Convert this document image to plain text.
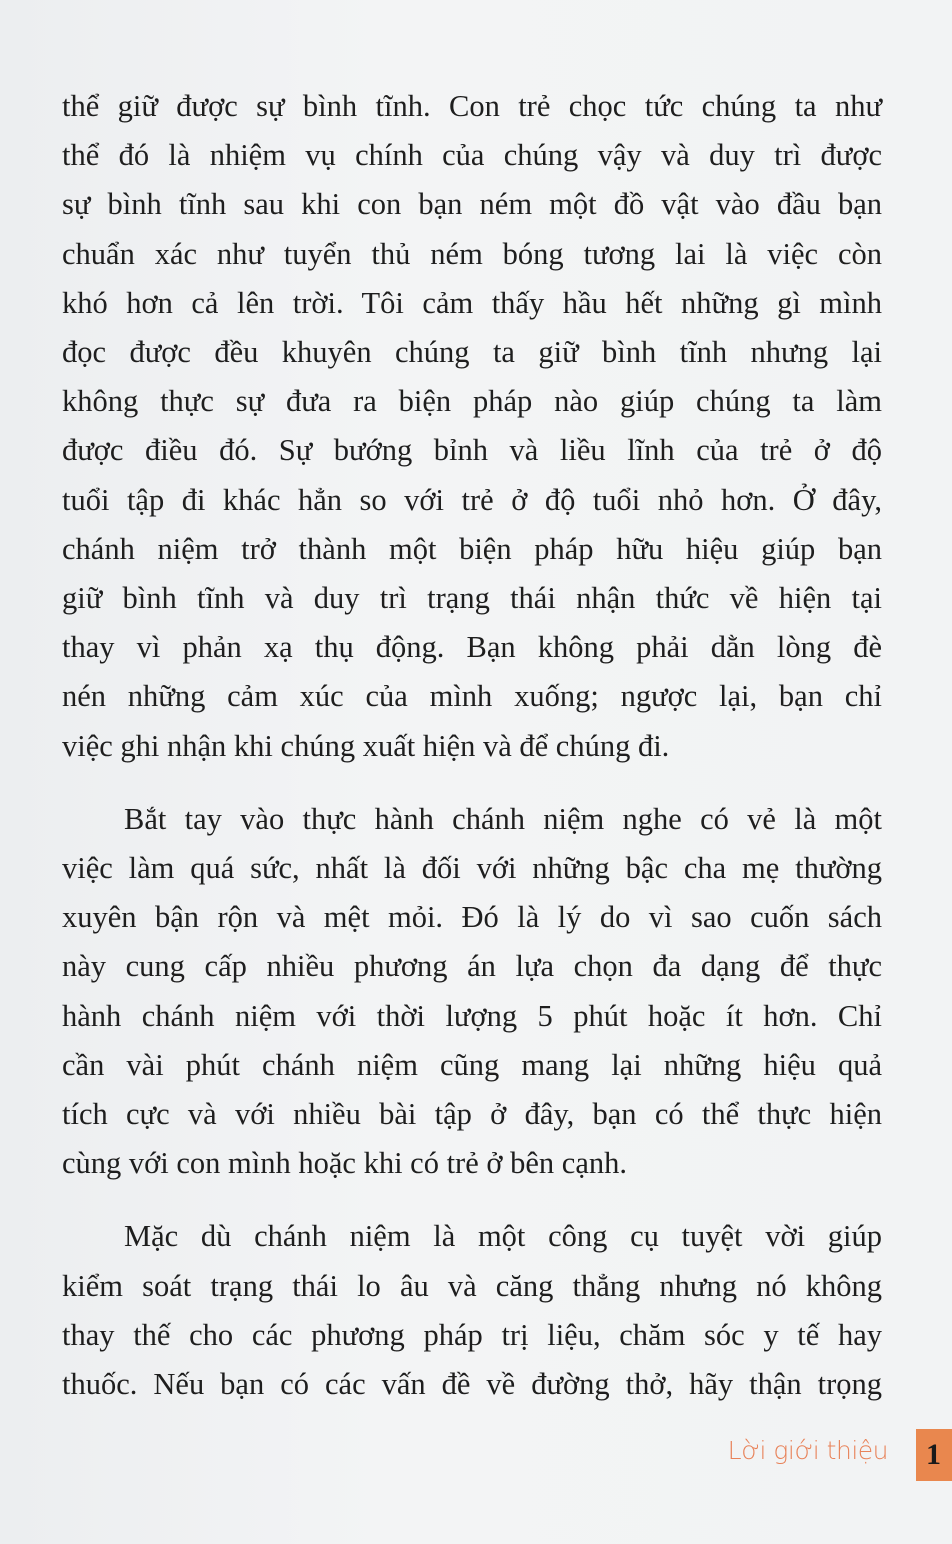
thể giữ được sự bình tĩnh. Con trẻ chọc tức chúng ta như
thể đó là nhiệm vụ chính của chúng vậy và duy trì được
sự bình tĩnh sau khi con bạn ném một đồ vật vào đầu bạn
chuẩn xác như tuyển thủ ném bóng tương lai là việc còn
khó hơn cả lên trời. Tôi cảm thấy hầu hết những gì mình
đọc được đều khuyên chúng ta giữ bình tĩnh nhưng lại
không thực sự đưa ra biện pháp nào giúp chúng ta làm
được điều đó. Sự bướng bỉnh và liều lĩnh của trẻ ở độ
tuổi tập đi khác hẳn so với trẻ ở độ tuổi nhỏ hơn. Ở đây,
chánh niệm trở thành một biện pháp hữu hiệu giúp bạn
giữ bình tĩnh và duy trì trạng thái nhận thức về hiện tại
thay vì phản xạ thụ động. Bạn không phải dằn lòng đè
nén những cảm xúc của mình xuống; ngược lại, bạn chỉ
việc ghi nhận khi chúng xuất hiện và để chúng đi.
Bắt tay vào thực hành chánh niệm nghe có vẻ là một
việc làm quá sức, nhất là đối với những bậc cha mẹ thường
xuyên bận rộn và mệt mỏi. Đó là lý do vì sao cuốn sách
này cung cấp nhiều phương án lựa chọn đa dạng để thực
hành chánh niệm với thời lượng 5 phút hoặc ít hơn. Chỉ
cần vài phút chánh niệm cũng mang lại những hiệu quả
tích cực và với nhiều bài tập ở đây, bạn có thể thực hiện
cùng với con mình hoặc khi có trẻ ở bên cạnh.
Mặc dù chánh niệm là một công cụ tuyệt vời giúp
kiểm soát trạng thái lo âu và căng thẳng nhưng nó không
thay thế cho các phương pháp trị liệu, chăm sóc y tế hay
thuốc. Nếu bạn có các vấn đề về đường thở, hãy thận trọng
Lời giới thiệu	1
